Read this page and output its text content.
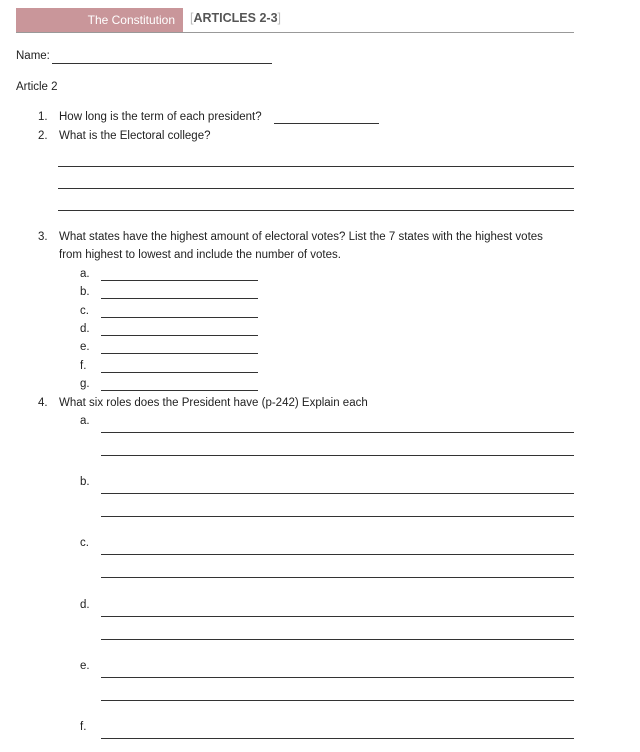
The Constitution [ARTICLES 2-3]
Name:
Article 2
1. How long is the term of each president?
2. What is the Electoral college?
3. What states have the highest amount of electoral votes? List the 7 states with the highest votes
from highest to lowest and include the number of votes.
a.
b.
c.
d.
e.
f.
g.
4. What six roles does the President have (p-242) Explain each
a.
b.
c.
d.
e.
f.
